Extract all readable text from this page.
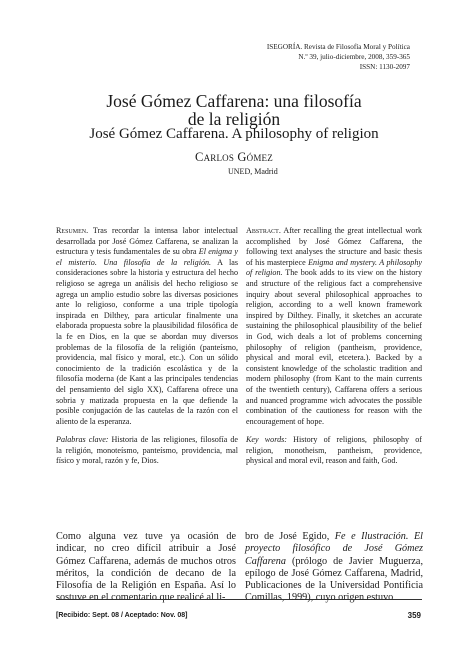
ISEGORÍA. Revista de Filosofía Moral y Política
N.º 39, julio-diciembre, 2008, 359-365
ISSN: 1130-2097
José Gómez Caffarena: una filosofía
de la religión
José Gómez Caffarena. A philosophy of religion
Carlos Gómez
UNED, Madrid
Resumen. Tras recordar la intensa labor intelectual desarrollada por José Gómez Caffarena, se analizan la estructura y tesis fundamentales de su obra El enigma y el misterio. Una filosofía de la religión. A las consideraciones sobre la historia y estructura del hecho religioso se agrega un análisis del hecho religioso se agrega un amplio estudio sobre las diversas posiciones ante lo religioso, conforme a una triple tipología inspirada en Dilthey, para articular finalmente una elaborada propuesta sobre la plausibilidad filosófica de la fe en Dios, en la que se abordan muy diversos problemas de la filosofía de la religión (panteísmo, providencia, mal físico y moral, etc.). Con un sólido conocimiento de la tradición escolástica y de la filosofía moderna (de Kant a las principales tendencias del pensamiento del siglo XX), Caffarena ofrece una sobria y matizada propuesta en la que defiende la posible conjugación de las cautelas de la razón con el aliento de la esperanza.
Palabras clave: Historia de las religiones, filosofía de la religión, monoteísmo, panteísmo, providencia, mal físico y moral, razón y fe, Dios.
Abstract. After recalling the great intellectual work accomplished by José Gómez Caffarena, the following text analyses the structure and basic thesis of his masterpiece Enigma and mystery. A philosophy of religion. The book adds to its view on the history and structure of the religious fact a comprehensive inquiry about several philosophical approaches to religion, according to a well known framework inspired by Dilthey. Finally, it sketches an accurate sustaining the philosophical plausibility of the belief in God, wich deals a lot of problems concerning philosophy of religion (pantheism, providence, physical and moral evil, etcetera.). Backed by a consistent knowledge of the scholastic tradition and modern philosophy (from Kant to the main currents of the twentieth century), Caffarena offers a serious and nuanced programme wich advocates the possible combination of the cautioness for reason with the encouragement of hope.
Key words: History of religions, philosophy of religion, monotheism, pantheism, providence, physical and moral evil, reason and faith, God.
Como alguna vez tuve ya ocasión de indicar, no creo difícil atribuir a José Gómez Caffarena, además de muchos otros méritos, la condición de decano de la Filosofía de la Religión en España. Así lo sostuve en el comentario que realicé al li-
bro de José Egido, Fe e Ilustración. El proyecto filosófico de José Gómez Caffarena (prólogo de Javier Muguerza, epílogo de José Gómez Caffarena, Madrid, Publicaciones de la Universidad Pontificia Comillas, 1999), cuyo origen estuvo
[Recibido: Sept. 08 / Aceptado: Nov. 08]	359
